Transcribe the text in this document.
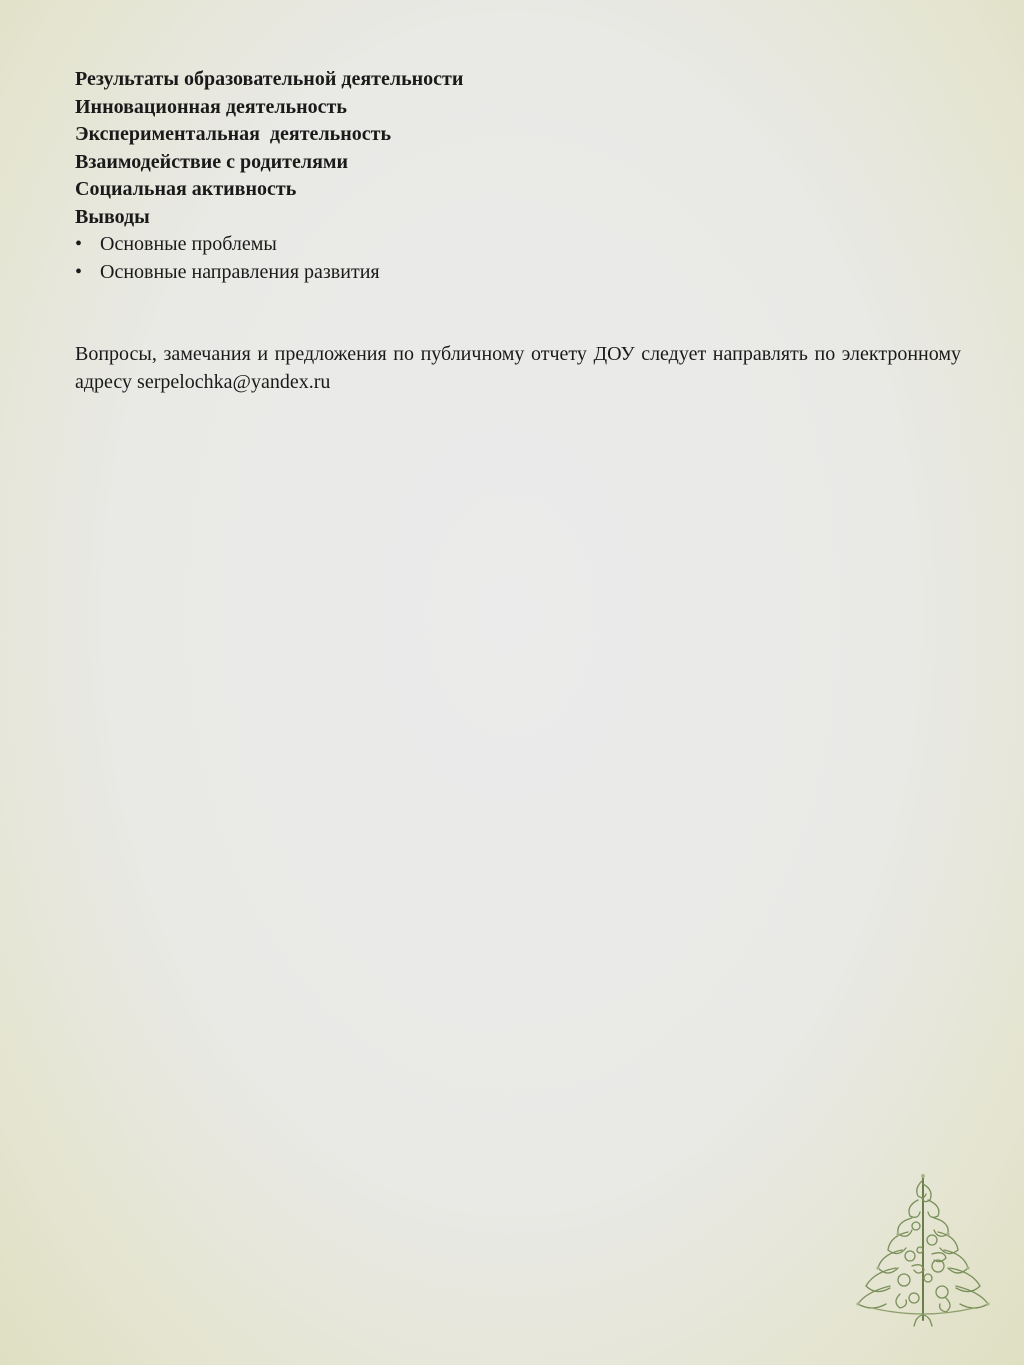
Результаты образовательной деятельности
Инновационная деятельность
Экспериментальная  деятельность
Взаимодействие с родителями
Социальная активность
Выводы
• Основные проблемы
• Основные направления развития

Вопросы, замечания и предложения по публичному отчету ДОУ следует направлять по электронному адресу serpelochka@yandex.ru
